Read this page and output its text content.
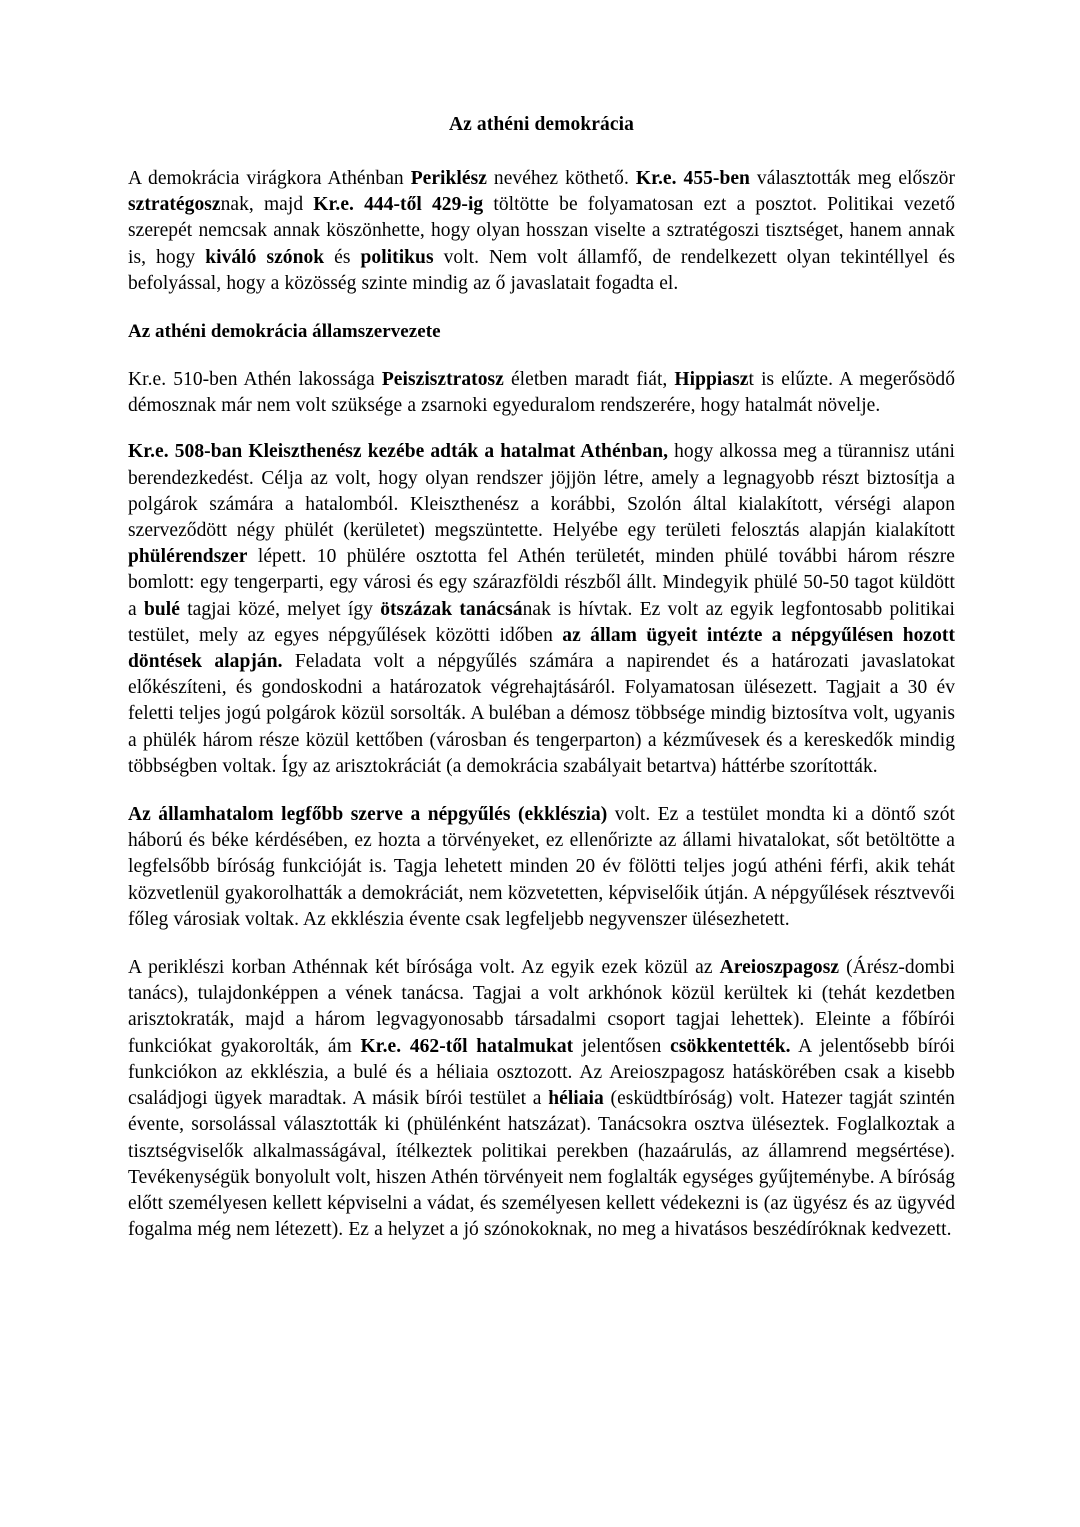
Az athéni demokrácia

A demokrácia virágkora Athénban Periklész nevéhez köthető. Kr.e. 455-ben választották meg először sztratégosznak, majd Kr.e. 444-től 429-ig töltötte be folyamatosan ezt a posztot. Politikai vezető szerepét nemcsak annak köszönhette, hogy olyan hosszan viselte a sztratégoszi tisztséget, hanem annak is, hogy kiváló szónok és politikus volt. Nem volt államfő, de rendelkezett olyan tekintéllyel és befolyással, hogy a közösség szinte mindig az ő javaslatait fogadta el.

Az athéni demokrácia államszervezete

Kr.e. 510-ben Athén lakossága Peiszisztratosz életben maradt fiát, Hippiaszt is elűzte. A megerősödő démosznak már nem volt szüksége a zsarnoki egyeduralom rendszerére, hogy hatalmát növelje.

Kr.e. 508-ban Kleiszthenész kezébe adták a hatalmat Athénban, hogy alkossa meg a türannisz utáni berendezkedést. Célja az volt, hogy olyan rendszer jöjjön létre, amely a legnagyobb részt biztosítja a polgárok számára a hatalomból. Kleiszthenész a korábbi, Szolón által kialakított, vérségi alapon szerveződött négy phülét (kerületet) megszüntette. Helyébe egy területi felosztás alapján kialakított phülérendszer lépett. 10 phülére osztotta fel Athén területét, minden phülé további három részre bomlott: egy tengerparti, egy városi és egy szárazföldi részből állt. Mindegyik phülé 50-50 tagot küldött a bulé tagjai közé, melyet így ötszázak tanácsának is hívtak. Ez volt az egyik legfontosabb politikai testület, mely az egyes népgyűlések közötti időben az állam ügyeit intézte a népgyűlésen hozott döntések alapján. Feladata volt a népgyűlés számára a napirendet és a határozati javaslatokat előkészíteni, és gondoskodni a határozatok végrehajtásáról. Folyamatosan ülésezett. Tagjait a 30 év feletti teljes jogú polgárok közül sorsolták. A buléban a démosz többsége mindig biztosítva volt, ugyanis a phülék három része közül kettőben (városban és tengerparton) a kézművesek és a kereskedők mindig többségben voltak. Így az arisztokráciát (a demokrácia szabályait betartva) háttérbe szorították.

Az államhatalom legfőbb szerve a népgyűlés (ekklészia) volt. Ez a testület mondta ki a döntő szót háború és béke kérdésében, ez hozta a törvényeket, ez ellenőrizte az állami hivatalokat, sőt betöltötte a legfelsőbb bíróság funkcióját is. Tagja lehetett minden 20 év fölötti teljes jogú athéni férfi, akik tehát közvetlenül gyakorolhatták a demokráciát, nem közvetetten, képviselőik útján. A népgyűlések résztvevői főleg városiak voltak. Az ekklészia évente csak legfeljebb negyvenszer ülésezhetett.

A periklészi korban Athénnak két bírósága volt. Az egyik ezek közül az Areioszpagosz (Árész-dombi tanács), tulajdonképpen a vének tanácsa. Tagjai a volt arkhónok közül kerültek ki (tehát kezdetben arisztokraták, majd a három legvagyonosabb társadalmi csoport tagjai lehettek). Eleinte a főbírói funkciókat gyakorolták, ám Kr.e. 462-től hatalmukat jelentősen csökkentették. A jelentősebb bírói funkciókon az ekklészia, a bulé és a héliaia osztozott. Az Areioszpagosz hatáskörében csak a kisebb családjogi ügyek maradtak. A másik bírói testület a héliaia (esküdtbíróság) volt. Hatezer tagját szintén évente, sorsolással választották ki (phülénként hatszázat). Tanácsokra osztva üléseztek. Foglalkoztak a tisztségviselők alkalmasságával, ítélkeztek politikai perekben (hazaárulás, az államrend megsértése). Tevékenységük bonyolult volt, hiszen Athén törvényeit nem foglalták egységes gyűjteménybe. A bíróság előtt személyesen kellett képviselni a vádat, és személyesen kellett védekezni is (az ügyész és az ügyvéd fogalma még nem létezett). Ez a helyzet a jó szónokoknak, no meg a hivatásos beszédíróknak kedvezett.
